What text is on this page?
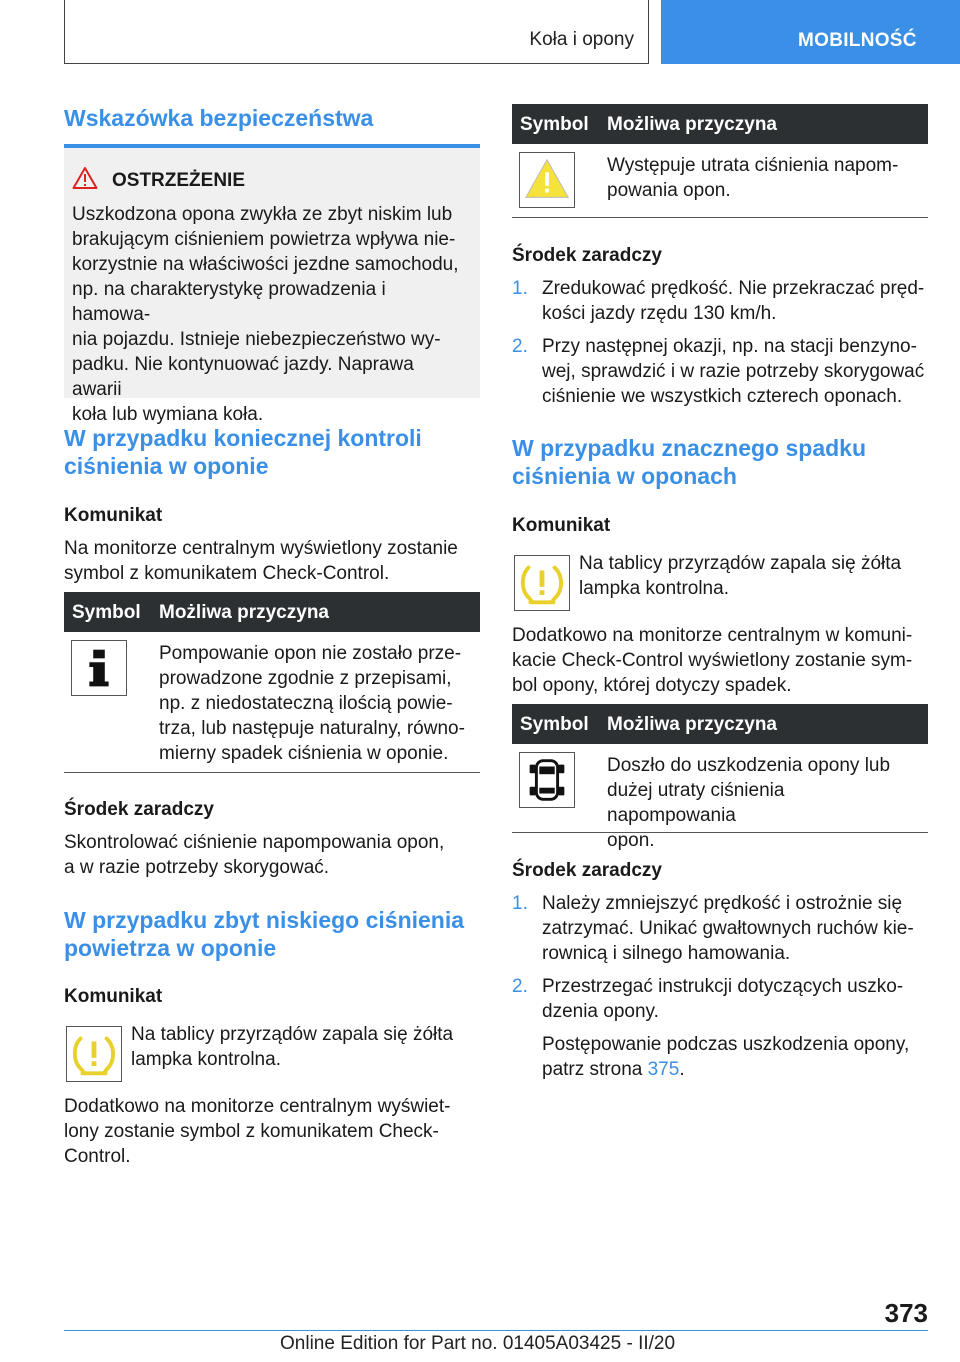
Koła i opony	MOBILNOŚĆ
Wskazówka bezpieczeństwa
OSTRZEŻENIE
Uszkodzona opona zwykła ze zbyt niskim lub
brakującym ciśnieniem powietrza wpływa nie-
korzystnie na właściwości jezdne samochodu,
np. na charakterystykę prowadzenia i hamowa-
nia pojazdu. Istnieje niebezpieczeństwo wy-
padku. Nie kontynuować jazdy. Naprawa awarii
koła lub wymiana koła.
W przypadku koniecznej kontroli
ciśnienia w oponie
Komunikat
Na monitorze centralnym wyświetlony zostanie
symbol z komunikatem Check-Control.
Symbol Możliwa przyczyna
Pompowanie opon nie zostało prze-
prowadzone zgodnie z przepisami,
np. z niedostateczną ilością powie-
trza, lub następuje naturalny, równo-
mierny spadek ciśnienia w oponie.
Środek zaradczy
Skontrolować ciśnienie napompowania opon,
a w razie potrzeby skorygować.
W przypadku zbyt niskiego ciśnienia
powietrza w oponie
Komunikat
Na tablicy przyrządów zapala się żółta
lampka kontrolna.
Dodatkowo na monitorze centralnym wyświet-
lony zostanie symbol z komunikatem Check-
Control.
Symbol Możliwa przyczyna
Występuje utrata ciśnienia napom-
powania opon.
Środek zaradczy
1. Zredukować prędkość. Nie przekraczać pręd-
kości jazdy rzędu 130 km/h.
2. Przy następnej okazji, np. na stacji benzyno-
wej, sprawdzić i w razie potrzeby skorygować
ciśnienie we wszystkich czterech oponach.
W przypadku znacznego spadku
ciśnienia w oponach
Komunikat
Na tablicy przyrządów zapala się żółta
lampka kontrolna.
Dodatkowo na monitorze centralnym w komuni-
kacie Check-Control wyświetlony zostanie sym-
bol opony, której dotyczy spadek.
Symbol Możliwa przyczyna
Doszło do uszkodzenia opony lub
dużej utraty ciśnienia napompowania
opon.
Środek zaradczy
1. Należy zmniejszyć prędkość i ostrożnie się
zatrzymać. Unikać gwałtownych ruchów kie-
rownicą i silnego hamowania.
2. Przestrzegać instrukcji dotyczących uszko-
dzenia opony.
Postępowanie podczas uszkodzenia opony,
patrz strona 375.
373
Online Edition for Part no. 01405A03425 - II/20
